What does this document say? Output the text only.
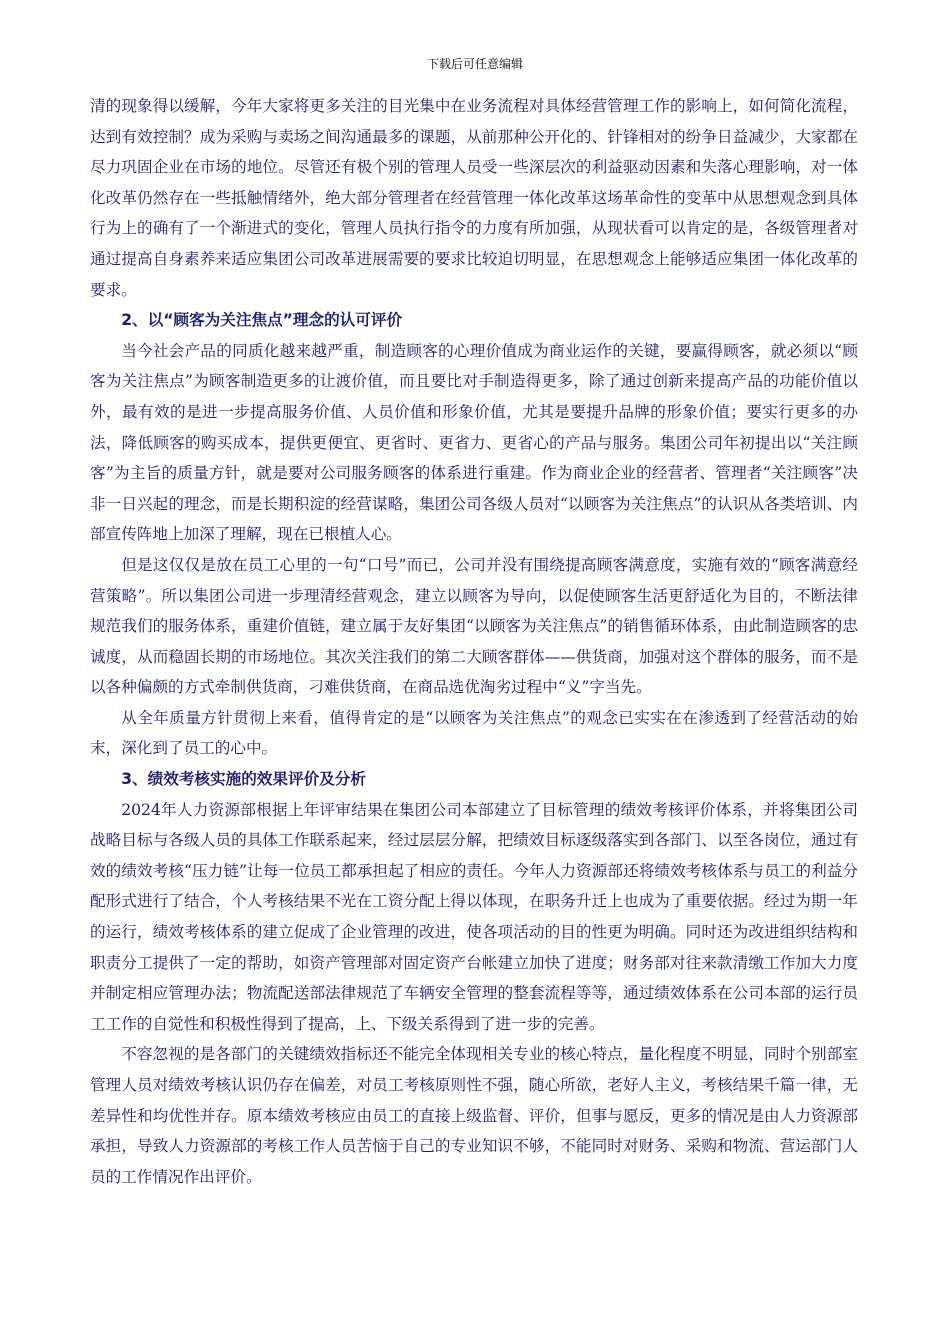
下载后可任意编辑

清的现象得以缓解，今年大家将更多关注的目光集中在业务流程对具体经营管理工作的影响上，如何简化流程，达到有效控制？成为采购与卖场之间沟通最多的课题，从前那种公开化的、针锋相对的纷争日益减少，大家都在尽力巩固企业在市场的地位。尽管还有极个别的管理人员受一些深层次的利益驱动因素和失落心理影响，对一体化改革仍然存在一些抵触情绪外，绝大部分管理者在经营管理一体化改革这场革命性的变革中从思想观念到具体行为上的确有了一个渐进式的变化，管理人员执行指令的力度有所加强，从现状看可以肯定的是，各级管理者对通过提高自身素养来适应集团公司改革进展需要的要求比较迫切明显，在思想观念上能够适应集团一体化改革的要求。

2、以“顾客为关注焦点”理念的认可评价

当今社会产品的同质化越来越严重，制造顾客的心理价值成为商业运作的关键，要赢得顾客，就必须以“顾客为关注焦点”为顾客制造更多的让渡价值，而且要比对手制造得更多，除了通过创新来提高产品的功能价值以外，最有效的是进一步提高服务价值、人员价值和形象价值，尤其是要提升品牌的形象价值；要实行更多的办法，降低顾客的购买成本，提供更便宜、更省时、更省力、更省心的产品与服务。集团公司年初提出以“关注顾客”为主旨的质量方针，就是要对公司服务顾客的体系进行重建。作为商业企业的经营者、管理者“关注顾客”决非一日兴起的理念，而是长期积淀的经营谋略，集团公司各级人员对“以顾客为关注焦点”的认识从各类培训、内部宣传阵地上加深了理解，现在已根植人心。

但是这仅仅是放在员工心里的一句“口号”而已，公司并没有围绕提高顾客满意度，实施有效的“顾客满意经营策略”。所以集团公司进一步理清经营观念，建立以顾客为导向，以促使顾客生活更舒适化为目的，不断法律规范我们的服务体系，重建价值链，建立属于友好集团“以顾客为关注焦点”的销售循环体系，由此制造顾客的忠诚度，从而稳固长期的市场地位。其次关注我们的第二大顾客群体——供货商，加强对这个群体的服务，而不是以各种偏颇的方式牵制供货商，刁难供货商，在商品选优淘劣过程中“义”字当先。

从全年质量方针贯彻上来看，值得肯定的是“以顾客为关注焦点”的观念已实实在在渗透到了经营活动的始末，深化到了员工的心中。

3、绩效考核实施的效果评价及分析

2024年人力资源部根据上年评审结果在集团公司本部建立了目标管理的绩效考核评价体系，并将集团公司战略目标与各级人员的具体工作联系起来，经过层层分解，把绩效目标逐级落实到各部门、以至各岗位，通过有效的绩效考核“压力链”让每一位员工都承担起了相应的责任。今年人力资源部还将绩效考核体系与员工的利益分配形式进行了结合，个人考核结果不光在工资分配上得以体现，在职务升迁上也成为了重要依据。经过为期一年的运行，绩效考核体系的建立促成了企业管理的改进，使各项活动的目的性更为明确。同时还为改进组织结构和职责分工提供了一定的帮助，如资产管理部对固定资产台帐建立加快了进度；财务部对往来款清缴工作加大力度并制定相应管理办法；物流配送部法律规范了车辆安全管理的整套流程等等，通过绩效体系在公司本部的运行员工工作的自觉性和积极性得到了提高，上、下级关系得到了进一步的完善。

不容忽视的是各部门的关键绩效指标还不能完全体现相关专业的核心特点，量化程度不明显，同时个别部室管理人员对绩效考核认识仍存在偏差，对员工考核原则性不强，随心所欲，老好人主义，考核结果千篇一律，无差异性和均优性并存。原本绩效考核应由员工的直接上级监督、评价，但事与愿反，更多的情况是由人力资源部承担，导致人力资源部的考核工作人员苦恼于自己的专业知识不够，不能同时对财务、采购和物流、营运部门人员的工作情况作出评价。
